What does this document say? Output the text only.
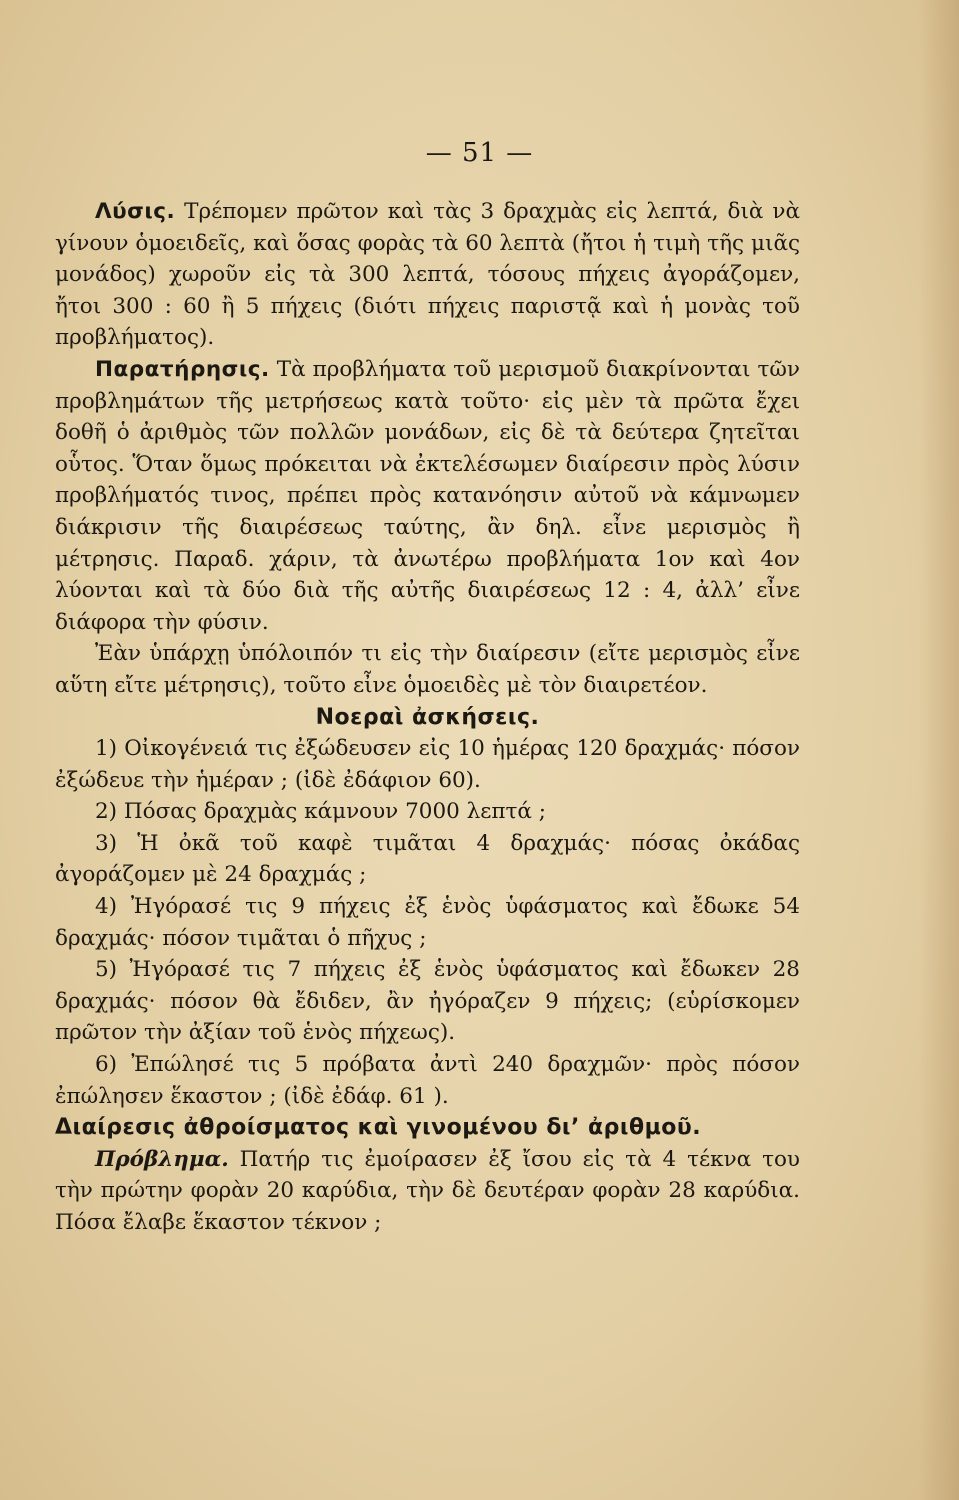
— 51 —

Λύσις. Τρέπομεν πρῶτον καὶ τὰς 3 δραχμὰς εἰς λεπτά, διὰ νὰ γίνουν ὁμοειδεῖς, καὶ ὅσας φορὰς τὰ 60 λεπτὰ (ἤτοι ἡ τιμὴ τῆς μιᾶς μονάδος) χωροῦν εἰς τὰ 300 λεπτά, τόσους πήχεις ἀγοράζομεν, ἤτοι 300 : 60 ἢ 5 πήχεις (διότι πήχεις παριστᾷ καὶ ἡ μονὰς τοῦ προβλήματος).

Παρατήρησις. Τὰ προβλήματα τοῦ μερισμοῦ διακρίνονται τῶν προβλημάτων τῆς μετρήσεως κατὰ τοῦτο· εἰς μὲν τὰ πρῶτα ἔχει δοθῆ ὁ ἀριθμὸς τῶν πολλῶν μονάδων, εἰς δὲ τὰ δεύτερα ζητεῖται οὗτος. Ὅταν ὅμως πρόκειται νὰ ἐκτελέσωμεν διαίρεσιν πρὸς λύσιν προβλήματός τινος, πρέπει πρὸς κατανόησιν αὐτοῦ νὰ κάμνωμεν διάκρισιν τῆς διαιρέσεως ταύτης, ἂν δηλ. εἶνε μερισμὸς ἢ μέτρησις. Παραδ. χάριν, τὰ ἀνωτέρω προβλήματα 1ον καὶ 4ον λύονται καὶ τὰ δύο διὰ τῆς αὐτῆς διαιρέσεως 12 : 4, ἀλλ’ εἶνε διάφορα τὴν φύσιν.

Ἐὰν ὑπάρχῃ ὑπόλοιπόν τι εἰς τὴν διαίρεσιν (εἴτε μερισμὸς εἶνε αὕτη εἴτε μέτρησις), τοῦτο εἶνε ὁμοειδὲς μὲ τὸν διαιρετέον.

Νοεραὶ ἀσκήσεις.

1) Οἰκογένειά τις ἐξώδευσεν εἰς 10 ἡμέρας 120 δραχμάς· πόσον ἐξώδευε τὴν ἡμέραν ; (ἰδὲ ἐδάφιον 60).

2) Πόσας δραχμὰς κάμνουν 7000 λεπτά ;

3) Ἡ ὀκᾶ τοῦ καφὲ τιμᾶται 4 δραχμάς· πόσας ὀκάδας ἀγοράζομεν μὲ 24 δραχμάς ;

4) Ἠγόρασέ τις 9 πήχεις ἐξ ἑνὸς ὑφάσματος καὶ ἔδωκε 54 δραχμάς· πόσον τιμᾶται ὁ πῆχυς ;

5) Ἠγόρασέ τις 7 πήχεις ἐξ ἑνὸς ὑφάσματος καὶ ἔδωκεν 28 δραχμάς· πόσον θὰ ἔδιδεν, ἂν ἠγόραζεν 9 πήχεις; (εὑρίσκομεν πρῶτον τὴν ἀξίαν τοῦ ἑνὸς πήχεως).

6) Ἐπώλησέ τις 5 πρόβατα ἀντὶ 240 δραχμῶν· πρὸς πόσον ἐπώλησεν ἕκαστον ; (ἰδὲ ἐδάφ. 61 ).

Διαίρεσις ἀθροίσματος καὶ γινομένου δι’ ἀριθμοῦ.

Πρόβλημα. Πατήρ τις ἐμοίρασεν ἐξ ἴσου εἰς τὰ 4 τέκνα του τὴν πρώτην φορὰν 20 καρύδια, τὴν δὲ δευτέραν φορὰν 28 καρύδια. Πόσα ἔλαβε ἕκαστον τέκνον ;
